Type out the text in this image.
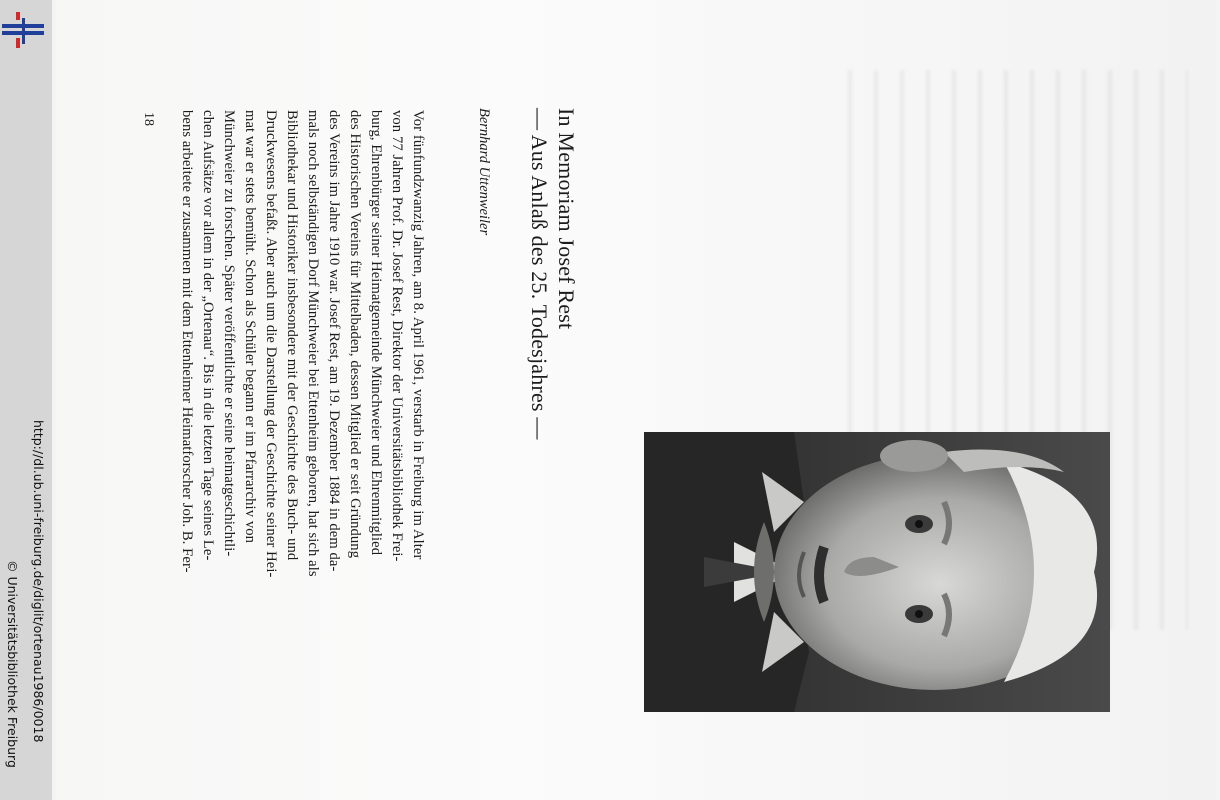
http://dl.ub.uni-freiburg.de/diglit/ortenau1986/0018
© Universitätsbibliothek Freiburg
In Memoriam Josef Rest
— Aus Anlaß des 25. Todesjahres —
Bernhard Uttenweiler
Vor fünfundzwanzig Jahren, am 8. April 1961, verstarb in Freiburg im Alter
von 77 Jahren Prof. Dr. Josef Rest, Direktor der Universitätsbibliothek Frei-
burg, Ehrenbürger seiner Heimatgemeinde Münchweier und Ehrenmitglied
des Historischen Vereins für Mittelbaden, dessen Mitglied er seit Gründung
des Vereins im Jahre 1910 war. Josef Rest, am 19. Dezember 1884 in dem da-
mals noch selbständigen Dorf Münchweier bei Ettenheim geboren, hat sich als
Bibliothekar und Historiker insbesondere mit der Geschichte des Buch- und
Druckwesens befaßt. Aber auch um die Darstellung der Geschichte seiner Hei-
mat war er stets bemüht. Schon als Schüler begann er im Pfarrarchiv von
Münchweier zu forschen. Später veröffentlichte er seine heimatgeschichtli-
chen Aufsätze vor allem in der „Ortenau“. Bis in die letzten Tage seines Le-
bens arbeitete er zusammen mit dem Ettenheimer Heimatforscher Joh. B. Fer-
18
